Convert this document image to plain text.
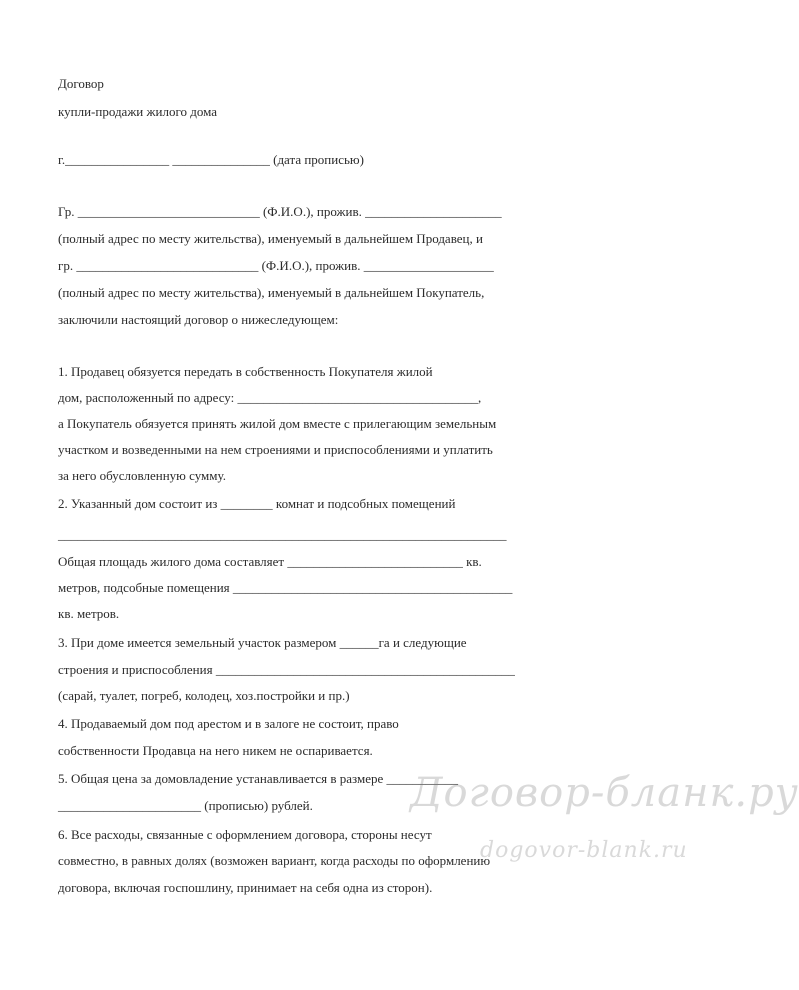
Договор
купли-продажи жилого дома
г.________________ _______________ (дата прописью)
Гр. ____________________________ (Ф.И.О.), прожив. _____________________
(полный адрес по месту жительства), именуемый в дальнейшем Продавец, и
гр. ____________________________ (Ф.И.О.), прожив. ____________________
(полный адрес по месту жительства), именуемый в дальнейшем Покупатель,
заключили настоящий договор о нижеследующем:
1. Продавец обязуется передать в собственность Покупателя жилой
дом, расположенный по адресу: _____________________________________,
а Покупатель обязуется принять жилой дом вместе с прилегающим земельным
участком и возведенными на нем строениями и приспособлениями и уплатить
за него обусловленную сумму.
2. Указанный дом состоит из ________ комнат и подсобных помещений
_____________________________________________________________________
Общая площадь жилого дома составляет ___________________________ кв.
метров, подсобные помещения ___________________________________________
кв. метров.
3. При доме имеется земельный участок размером ______га и следующие
строения и приспособления ______________________________________________
(сарай, туалет, погреб, колодец, хоз.постройки и пр.)
4. Продаваемый дом под арестом и в залоге не состоит, право
собственности Продавца на него никем не оспаривается.
5. Общая цена за домовладение устанавливается в размере ___________
______________________ (прописью) рублей.
6. Все расходы, связанные с оформлением договора, стороны несут
совместно, в равных долях (возможен вариант, когда расходы по оформлению
договора, включая госпошлину, принимает на себя одна из сторон).
Договор-бланк.ру
dogovor-blank.ru
